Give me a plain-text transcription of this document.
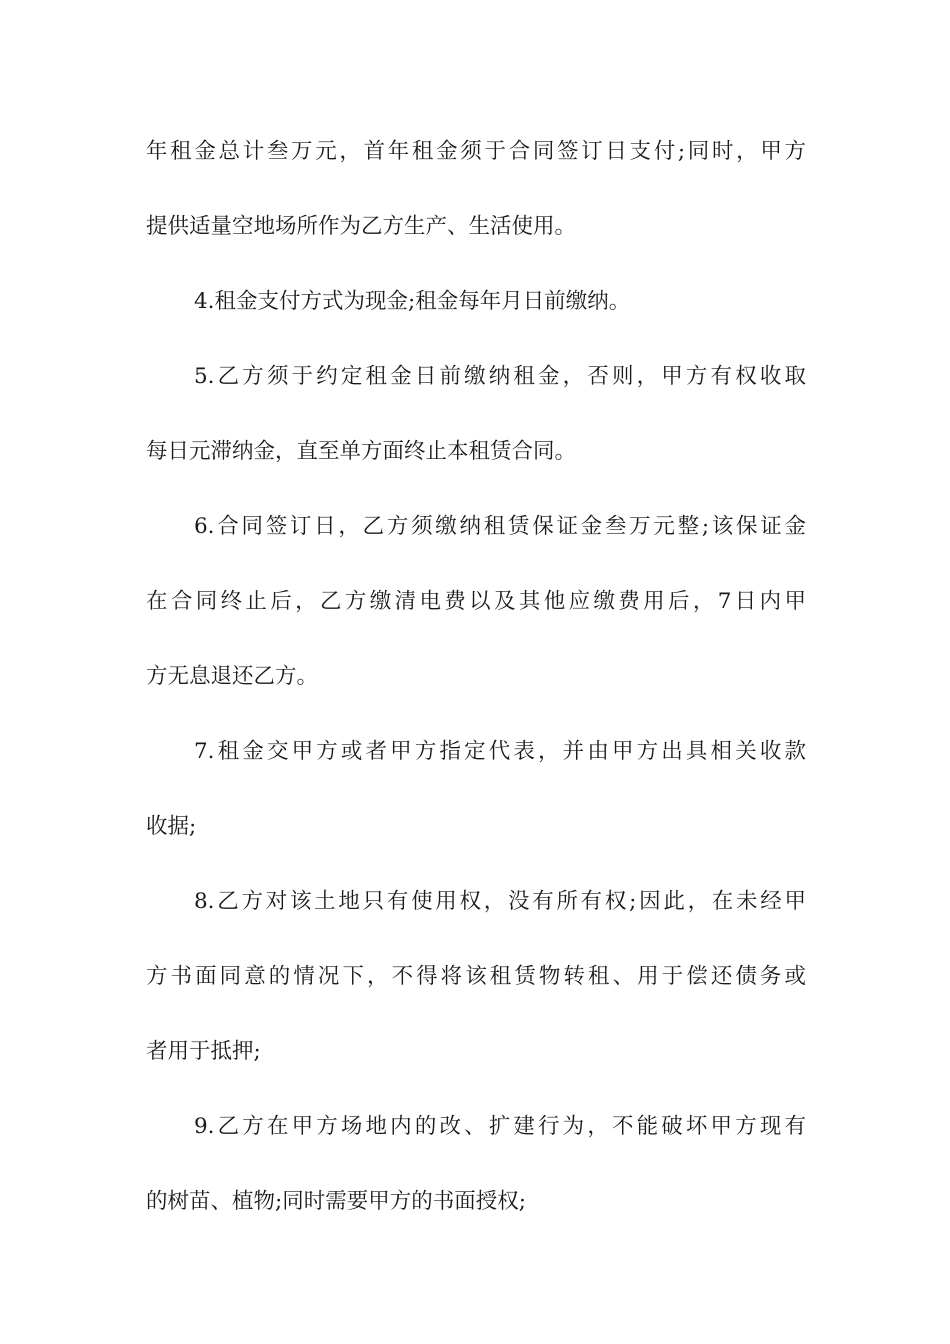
年租金总计叁万元，首年租金须于合同签订日支付;同时，甲方
提供适量空地场所作为乙方生产、生活使用。
4.租金支付方式为现金;租金每年月日前缴纳。
5.乙方须于约定租金日前缴纳租金，否则，甲方有权收取
每日元滞纳金，直至单方面终止本租赁合同。
6.合同签订日，乙方须缴纳租赁保证金叁万元整;该保证金
在合同终止后，乙方缴清电费以及其他应缴费用后，7日内甲
方无息退还乙方。
7.租金交甲方或者甲方指定代表，并由甲方出具相关收款
收据;
8.乙方对该土地只有使用权，没有所有权;因此，在未经甲
方书面同意的情况下，不得将该租赁物转租、用于偿还债务或
者用于抵押;
9.乙方在甲方场地内的改、扩建行为，不能破坏甲方现有
的树苗、植物;同时需要甲方的书面授权;
